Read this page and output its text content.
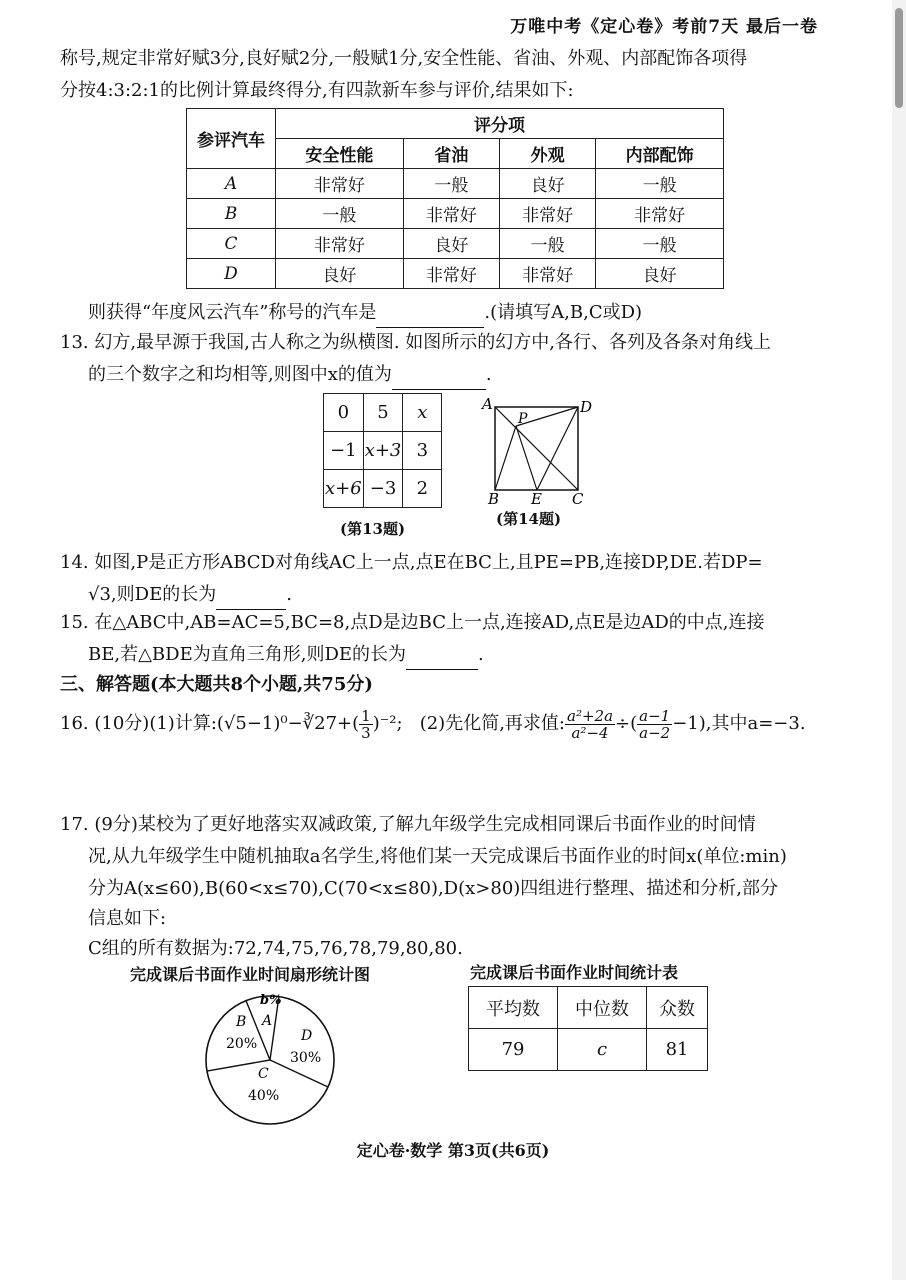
万唯中考《定心卷》考前7天 最后一卷
称号,规定非常好赋3分,良好赋2分,一般赋1分,安全性能、省油、外观、内部配饰各项得
分按4:3:2:1的比例计算最终得分,有四款新车参与评价,结果如下:
参评汽车	评分项			
	安全性能	省油	外观	内部配饰
A	非常好	一般	良好	一般
B	一般	非常好	非常好	非常好
C	非常好	良好	一般	一般
D	良好	非常好	非常好	良好
则获得“年度风云汽车”称号的汽车是	.(请填写A,B,C或D)
13. 幻方,最早源于我国,古人称之为纵横图. 如图所示的幻方中,各行、各列及各条对角线上
的三个数字之和均相等,则图中x的值为	.
0	5	x
−1	x+3	3
x+6	−3	2
(第13题)
A	D
P
B E C
(第14题)
14. 如图,P是正方形ABCD对角线AC上一点,点E在BC上,且PE=PB,连接DP,DE.若DP=
√3,则DE的长为	.
15. 在△ABC中,AB=AC=5,BC=8,点D是边BC上一点,连接AD,点E是边AD的中点,连接
BE,若△BDE为直角三角形,则DE的长为	.
三、解答题(本大题共8个小题,共75分)
16. (10分)(1)计算:(√5−1)⁰−∛27+( $\frac{1}{3} )^{-2}$; (2)先化简,再求值: $\frac{\text{a²+2a}}{\text{a²−4}}$ ÷( $\frac{a-1}{a-2} -1$),其中a=−3.
17. (9分)某校为了更好地落实双减政策,了解九年级学生完成相同课后书面作业的时间情
况,从九年级学生中随机抽取a名学生,将他们某一天完成课后书面作业的时间x(单位:min)
分为A(x≤60),B(60<x≤70),C(70<x≤80),D(x>80)四组进行整理、描述和分析,部分
信息如下:
C组的所有数据为:72,74,75,76,78,79,80,80.
完成课后书面作业时间扇形统计图
b%
A
B
20%	D
30%
C
40%
完成课后书面作业时间统计表
平均数	中位数	众数
79	c	81
定心卷·数学 第3页(共6页)
